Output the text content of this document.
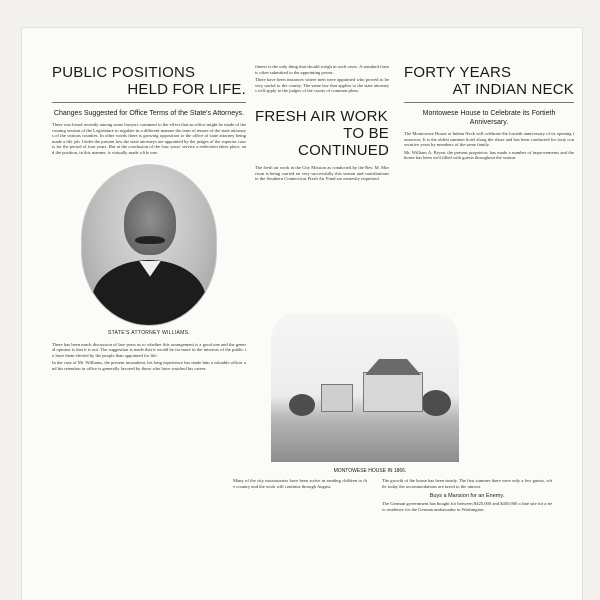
PUBLIC POSITIONS
HELD FOR LIFE.
Changes Suggested for Office Terms of the State's Attorneys.

There was heard recently among some lawyers comment to the effect that an office might be made of the coming session of the Legislature to regulate in a different manner the term of tenure of the state attorneys of the various counties. In other words there is growing opposition to the office of state attorney being made a life job. Under the present law the state attorneys are appointed by the judges of the superior courts for the period of four years. But at the conclusion of the four years' service a reelection takes place, and the position, in this manner, is virtually made a life one.

STATE'S ATTORNEY WILLIAMS.

There has been much discussion of late years as to whether this arrangement is a good one and the general opinion is that it is not. The suggestion is made that it would be far more in the interests of the public to have them elected by the people than appointed for life.

In the case of Mr. Williams, the present incumbent, his long experience has made him a valuable officer and his retention in office is generally favored by those who have watched his career.

fitness is the only thing that should weigh in such cases. A standard form is often submitted to the appointing power.

There have been instances where men were appointed who proved to be very useful to the county. The same law that applies to the state attorneys will apply to the judges of the courts of common pleas.

FRESH AIR WORK
TO BE CONTINUED

The fresh air work in the City Mission as conducted by the Rev. M. Morrison is being carried on very successfully this season and contributions to the Southern Connecticut Fresh Air Fund are earnestly requested.

FORTY YEARS
AT INDIAN NECK
Montowese House to Celebrate its Fortieth Anniversary.

The Montowese House at Indian Neck will celebrate the fortieth anniversary of its opening tomorrow. It is the oldest summer hotel along the shore and has been conducted for forty consecutive years by members of the same family.

Mr. William A. Bryan, the present proprietor, has made a number of improvements and the house has been well filled with guests throughout the season.

MONTOWESE HOUSE IN 1866.

Many of the city missionaries have been active in sending children to the country and the work will continue through August.

The growth of the house has been steady. The first summer there were only a few guests, while today the accommodations are taxed to the utmost.

Buys a Mansion for an Enemy.

The German government has bought for between $425,000 and $450,000 a fine site for a new residence for the German ambassador in Washington.
